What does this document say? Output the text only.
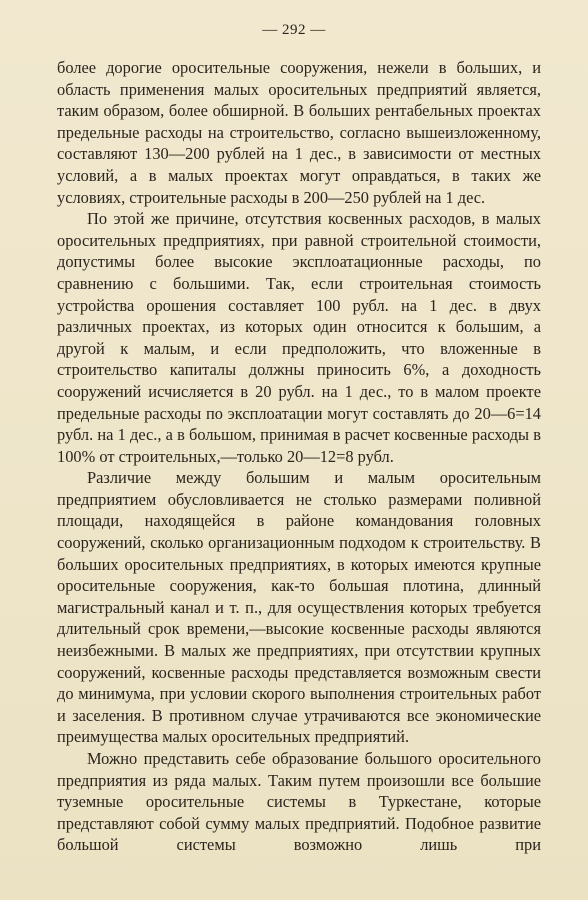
— 292 —

более дорогие оросительные сооружения, нежели в больших, и область применения малых оросительных предприятий является, таким образом, более обширной. В больших рентабельных проектах предельные расходы на строительство, согласно вышеизложенному, составляют 130—200 рублей на 1 дес., в зависимости от местных условий, а в малых проектах могут оправдаться, в таких же условиях, строительные расходы в 200—250 рублей на 1 дес.

По этой же причине, отсутствия косвенных расходов, в малых оросительных предприятиях, при равной строительной стоимости, допустимы более высокие эксплоатационные расходы, по сравнению с большими. Так, если строительная стоимость устройства орошения составляет 100 рубл. на 1 дес. в двух различных проектах, из которых один относится к большим, а другой к малым, и если предположить, что вложенные в строительство капиталы должны приносить 6%, а доходность сооружений исчисляется в 20 рубл. на 1 дес., то в малом проекте предельные расходы по эксплоатации могут составлять до 20—6=14 рубл. на 1 дес., а в большом, принимая в расчет косвенные расходы в 100% от строительных,—только 20—12=8 рубл.

Различие между большим и малым оросительным предприятием обусловливается не столько размерами поливной площади, находящейся в районе командования головных сооружений, сколько организационным подходом к строительству. В больших оросительных предприятиях, в которых имеются крупные оросительные сооружения, как-то большая плотина, длинный магистральный канал и т. п., для осуществления которых требуется длительный срок времени,—высокие косвенные расходы являются неизбежными. В малых же предприятиях, при отсутствии крупных сооружений, косвенные расходы представляется возможным свести до минимума, при условии скорого выполнения строительных работ и заселения. В противном случае утрачиваются все экономические преимущества малых оросительных предприятий.

Можно представить себе образование большого оросительного предприятия из ряда малых. Таким путем произошли все большие туземные оросительные системы в Туркестане, которые представляют собой сумму малых предприятий. Подобное развитие большой системы возможно лишь при
